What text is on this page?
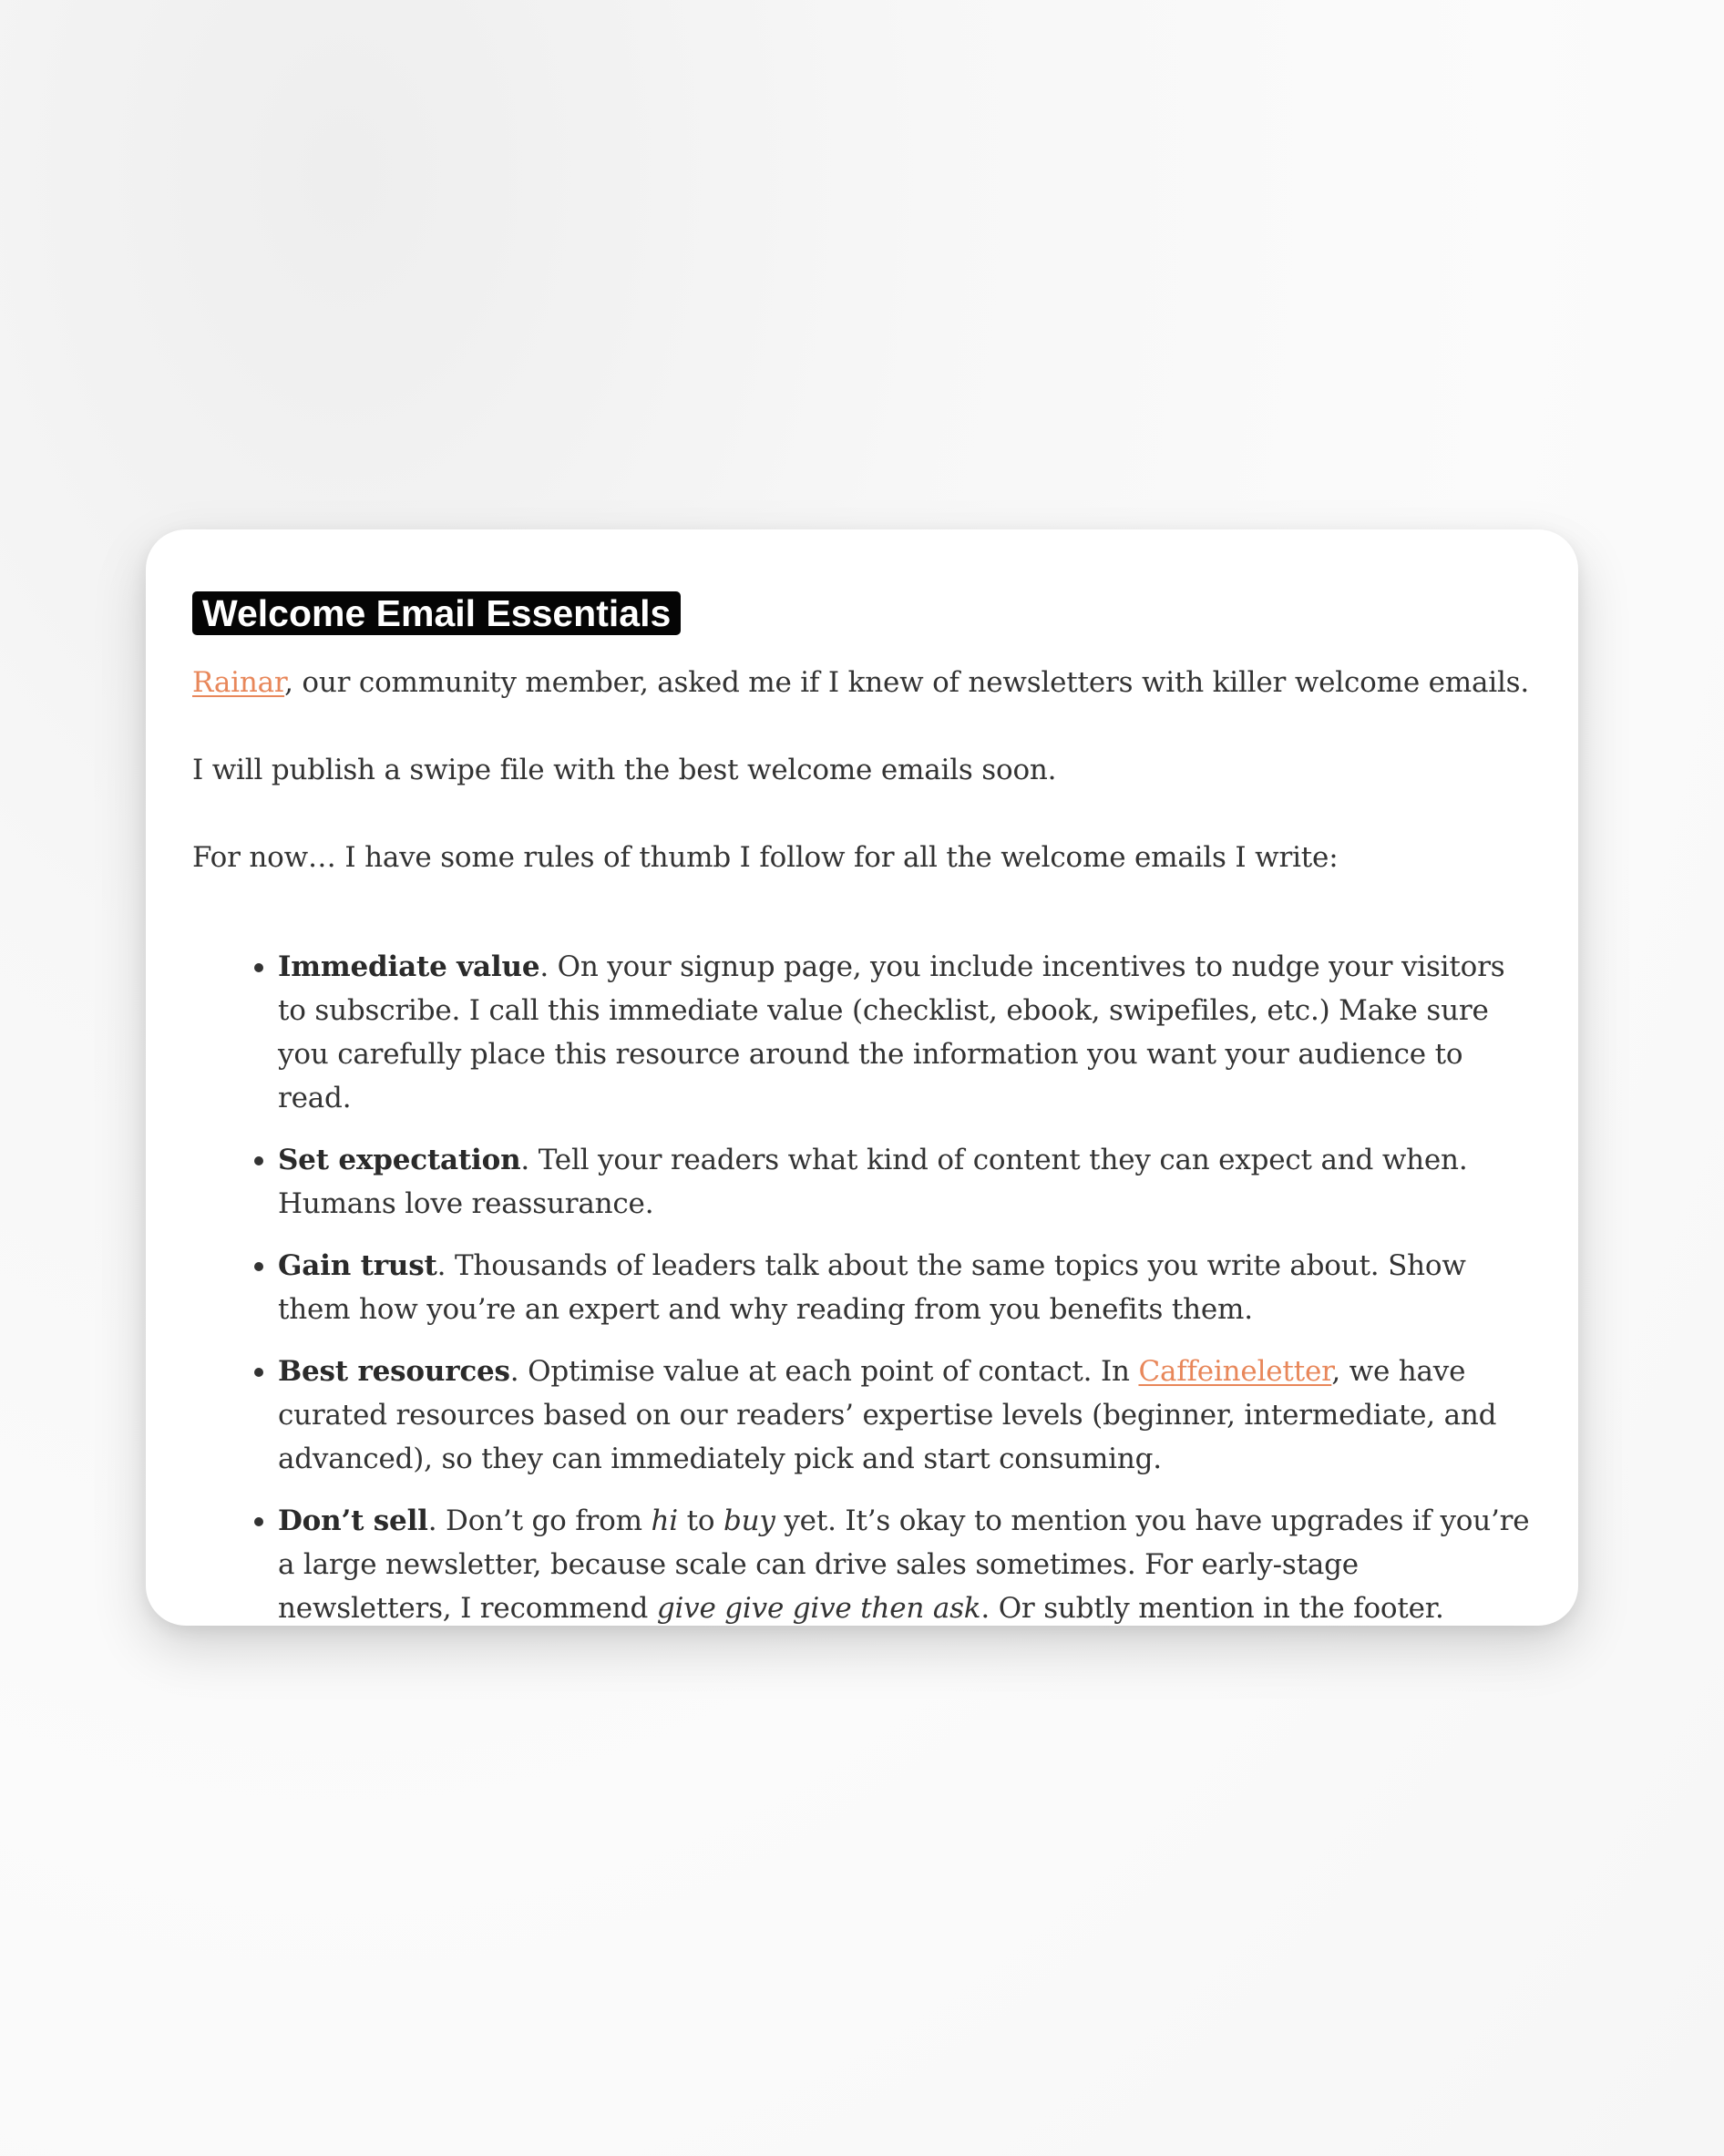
Welcome Email Essentials

Rainar, our community member, asked me if I knew of newsletters with killer welcome emails.

I will publish a swipe file with the best welcome emails soon.

For now… I have some rules of thumb I follow for all the welcome emails I write:

Immediate value. On your signup page, you include incentives to nudge your visitors to subscribe. I call this immediate value (checklist, ebook, swipefiles, etc.) Make sure you carefully place this resource around the information you want your audience to read.
Set expectation. Tell your readers what kind of content they can expect and when. Humans love reassurance.
Gain trust. Thousands of leaders talk about the same topics you write about. Show them how you’re an expert and why reading from you benefits them.
Best resources. Optimise value at each point of contact. In Caffeineletter, we have curated resources based on our readers’ expertise levels (beginner, intermediate, and advanced), so they can immediately pick and start consuming.
Don’t sell. Don’t go from hi to buy yet. It’s okay to mention you have upgrades if you’re a large newsletter, because scale can drive sales sometimes. For early-stage newsletters, I recommend give give give then ask. Or subtly mention in the footer.
